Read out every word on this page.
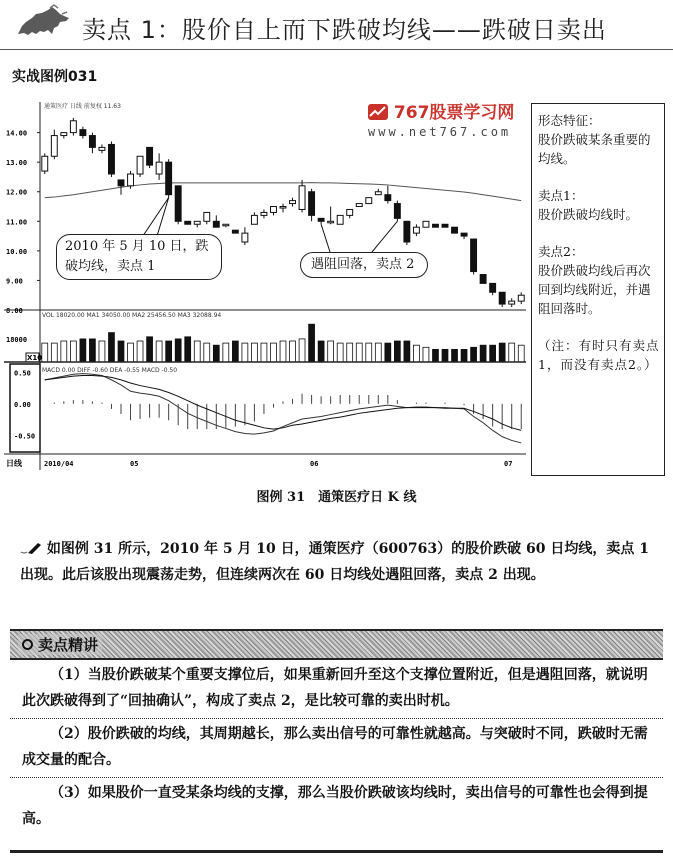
卖点 1：股价自上而下跌破均线——跌破日卖出
实战图例031
8.00
9.00
10.00
11.00
12.00
13.00
14.00
通策医疗 日线 前复权 11.63
VOL 18020.00 MA1 34050.00 MA2 25456.50 MA3 32088.94
18000
X10
MACD 0.00 DIFF -0.60 DEA -0.55 MACD -0.50
0.50
0.00
-0.50
日线	2010/04	05	06	07
767股票学习网
www.net767.com
2010 年 5 月 10 日，跌破均线，卖点 1	遇阻回落，卖点 2

形态特征：
股价跌破某条重要的均线。

卖点1：
股价跌破均线时。

卖点2：
股价跌破均线后再次回到均线附近，并遇阻回落时。

（注：有时只有卖点1，而没有卖点2。）

图例 31　通策医疗日 K 线
如图例 31 所示，2010 年 5 月 10 日，通策医疗（600763）的股价跌破 60 日均线，卖点 1 出现。此后该股出现震荡走势，但连续两次在 60 日均线处遇阻回落，卖点 2 出现。
卖点精讲
（1）当股价跌破某个重要支撑位后，如果重新回升至这个支撑位置附近，但是遇阻回落，就说明此次跌破得到了“回抽确认”，构成了卖点 2，是比较可靠的卖出时机。
（2）股价跌破的均线，其周期越长，那么卖出信号的可靠性就越高。与突破时不同，跌破时无需成交量的配合。
（3）如果股价一直受某条均线的支撑，那么当股价跌破该均线时，卖出信号的可靠性也会得到提高。
